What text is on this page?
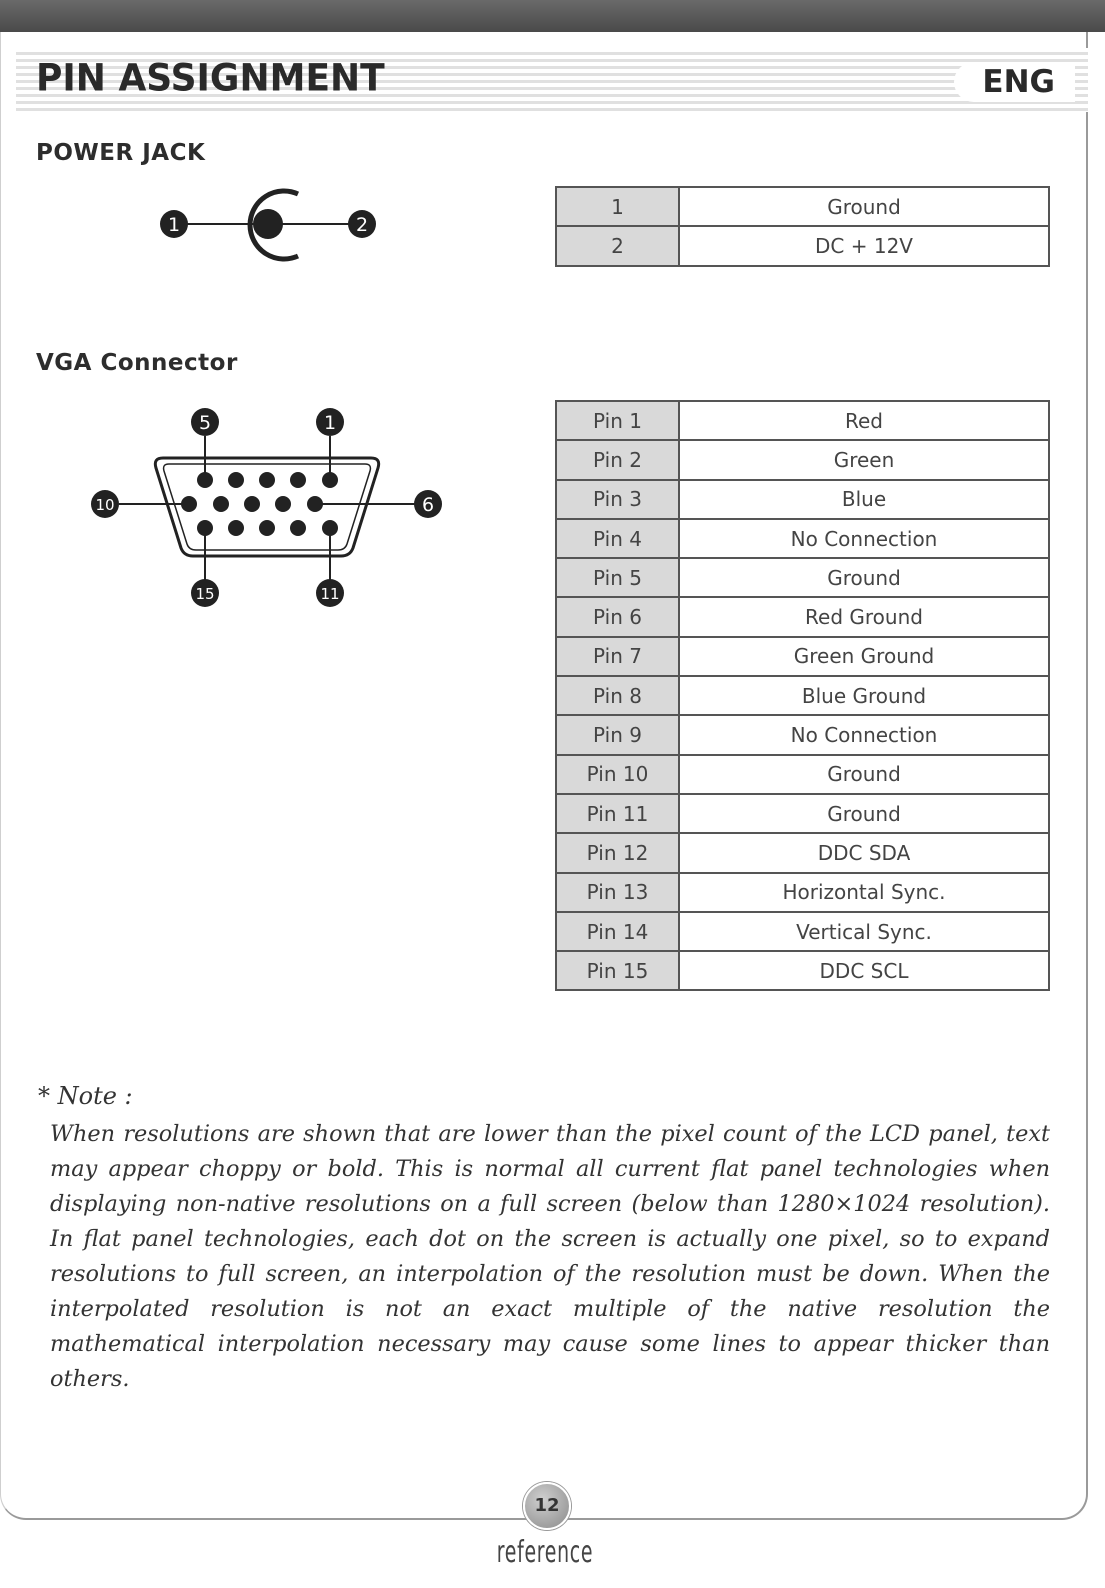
PIN ASSIGNMENT	ENG
POWER JACK
1	2
1	Ground
2	DC + 12V
VGA Connector
5	1
10	6
15	11
Pin 1	Red
Pin 2	Green
Pin 3	Blue
Pin 4	No Connection
Pin 5	Ground
Pin 6	Red Ground
Pin 7	Green Ground
Pin 8	Blue Ground
Pin 9	No Connection
Pin 10	Ground
Pin 11	Ground
Pin 12	DDC SDA
Pin 13	Horizontal Sync.
Pin 14	Vertical Sync.
Pin 15	DDC SCL
* Note :

When resolutions are shown that are lower than the pixel count of the LCD panel, text may appear choppy or bold. This is normal all current flat panel technologies when displaying non-native resolutions on a full screen (below than 1280×1024 resolution). In flat panel technologies, each dot on the screen is actually one pixel, so to expand resolutions to full screen, an interpolation of the resolution must be down. When the interpolated resolution is not an exact multiple of the native resolution the mathematical interpolation necessary may cause some lines to appear thicker than others.

12
reference
